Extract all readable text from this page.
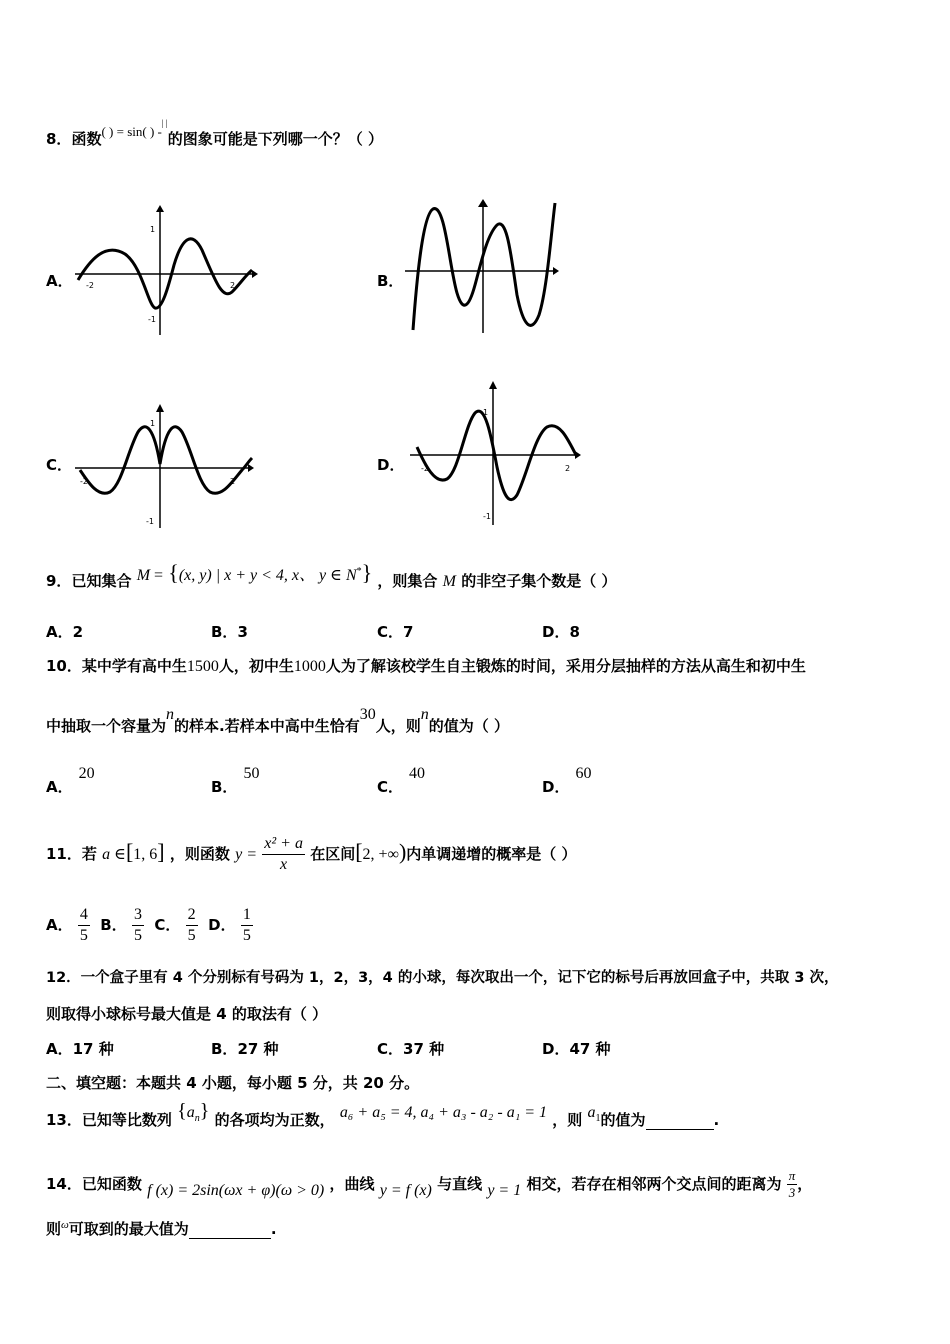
8．函数( ) = sin( ) -| |的图象可能是下列哪一个？（ ）
A． -2	2
1
-1
B．
C．
-2	2
1
-1
D． -2	2
1
-1
9．已知集合 M = {(x, y) | x + y < 4, x、 y ∈ N*} ，则集合 M 的非空子集个数是（ ）
A．2	B．3	C．7	D．8
10．某中学有高中生1500人，初中生1000人为了解该校学生自主锻炼的时间，采用分层抽样的方法从高生和初中生
中抽取一个容量为n的样本.若样本中高中生恰有30人，则n的值为（ ）
A．20
B．50
C．40
D．60
11．若 a ∈[1, 6] ，则函数 $y = \frac{\text{x² + a}}{x}$ 在区间[2, +∞)内单调递增的概率是（ ）
A． $\frac{4}{5}$ B． $\frac{3}{5}$ C． $\frac{2}{5}$ D． $\frac{1}{5}$
12．一个盒子里有 4 个分别标有号码为 1，2，3，4 的小球，每次取出一个，记下它的标号后再放回盒子中，共取 3 次，
则取得小球标号最大值是 4 的取法有（ ）
A．17 种	B．27 种	C．37 种	D．47 种
二、填空题：本题共 4 小题，每小题 5 分，共 20 分。
13．已知等比数列 $\{a_n\}$ 的各项均为正数， a₆ + a₅ = 4, a₄ + a₃ - a₂ - a₁ = 1 ，则 $a_1$的值为	.
14．已知函数 f (x) = 2sin(ωx + φ)(ω > 0) ，曲线 y = f (x) 与直线 y = 1 相交，若存在相邻两个交点间的距离为 $\frac{\pi}{3}$ ，
则$^\omega$可取到的最大值为	.
